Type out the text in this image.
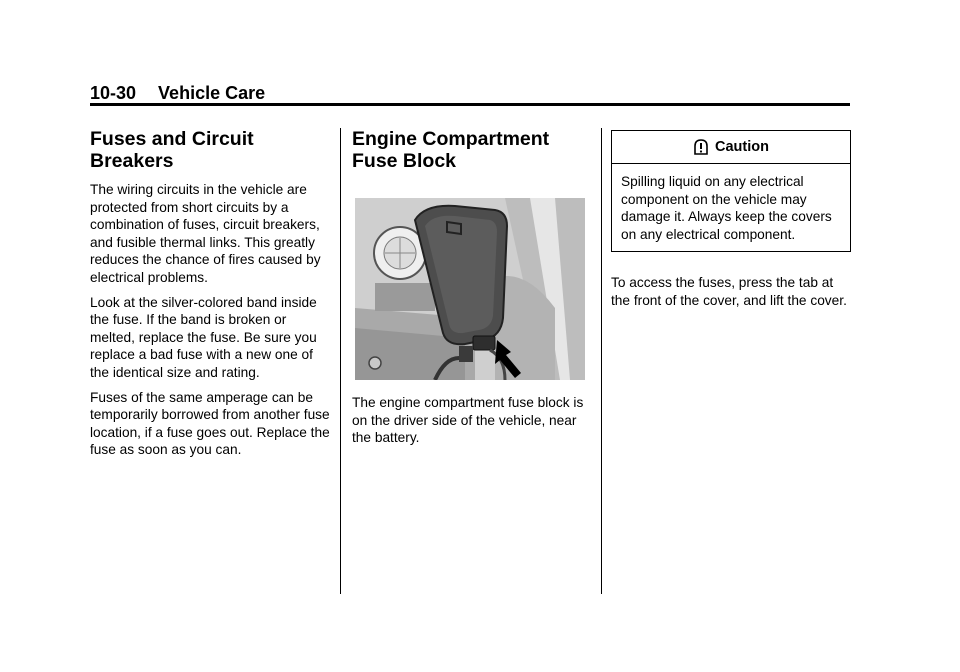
10-30 Vehicle Care
Fuses and Circuit Breakers

The wiring circuits in the vehicle are protected from short circuits by a combination of fuses, circuit breakers, and fusible thermal links. This greatly reduces the chance of fires caused by electrical problems.

Look at the silver-colored band inside the fuse. If the band is broken or melted, replace the fuse. Be sure you replace a bad fuse with a new one of the identical size and rating.

Fuses of the same amperage can be temporarily borrowed from another fuse location, if a fuse goes out. Replace the fuse as soon as you can.

Engine Compartment Fuse Block

The engine compartment fuse block is on the driver side of the vehicle, near the battery.

Caution

Spilling liquid on any electrical component on the vehicle may damage it. Always keep the covers on any electrical component.

To access the fuses, press the tab at the front of the cover, and lift the cover.
